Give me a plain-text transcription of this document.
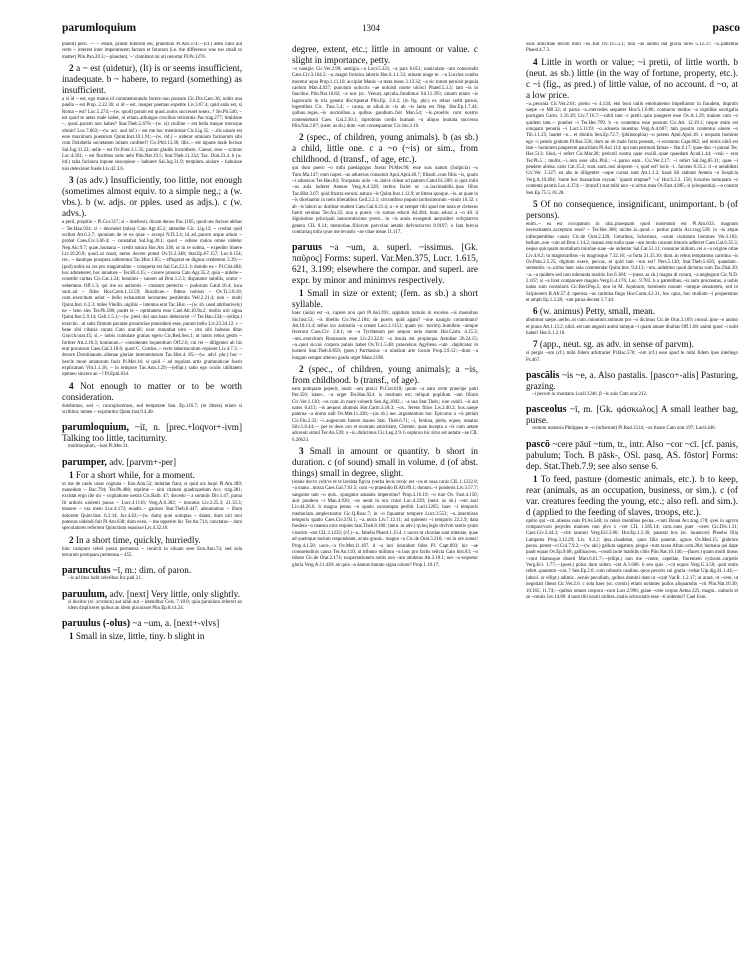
parumloquium	1304	pasco

praeut) peril. — ~ etiam, praeut futurum est, praedicas Pl.Am.374;—(cf.) adeo nihil aut certe ~ interest inter imperatorem factum et futurum (i.e. the difference was too small to matter) Plin.Pan.20.3;—plaudunt, '~' clamitant mi uti renortar Pl.Ps.1276.

2 a ~ est (uidetur), (It) is or seems insufficient, inadequate. b ~ habere, to regard (something) as insufficient.

a si id ~ est, ego matus id commemorando facere non possum Cic.Div.Caec.36; nobis una puella ~ est Prop. 2.22.36; si id ~ est, insuper poemas expetite Liv.3.67.4; quid satis est, si Roma ~ est? Luc.5.274;—(w. quod) parum est quod..nobis successet senex..? Ter.Ph.546; ~ est quod te aetas male habet, ni etiam..adiungas crocibus reticentia Pac.trag.277; timidone ~, quod..pacem non habes? Stat.Theb.5.676;—(w. si) ciuiline ~ est bella meque mecsque obruit? Luc.7.663;—(w. acc. and inf.) ~ est me hoc meminisse Cic.Lig.35; ~..dis uisum est esse maximum poetarum Quint.Inst.10.1.91;—(w. inf.) ~ uidetur omnium facinorum sibi cum Dolabella societatem initam confiteri? Cic.Phil.13.36; illis..~ est inpune male fecisse Sal.Jug.31.22; uelle ~ est Ov.Pont.3.1.35; parum gladiis incumbere, Caesar, esse ~ scimus Luc.4.501; ~ est fluctibus solis uehi Plin.Nat.19.5; Stat.Theb.11.332; Tac. Dial.23.4. b (w. inf.) talia facinora inpune suscepisse ~ habuere Sal.Jug.31.9; templum..uiolare ~ habuisse nisi detexisset foede Liv.42.3.6.

3 (as adv.) Insufficiently, too little, not enough (sometimes almost equiv. to a simple neg.; a (w. vbs.). b (w. adjs. or pples. used as adjs.). c (w. advs.).

a peril, propitio ~ Pl.Cur.317; si ~ intellexti, dicam denuo Pac.1105; quod ues fecisse alebas ~ Ter.Hau.924; si ~ decendet (talea) Cato Agr.45.2; attendite Cic. Lig.13; ~ crediat quid scribat Att.6.3.7; quoniam de re ea quae ~ accepi N.D.3.4; id..ad..pacem atque otium ~ probat Caes.Civ.3.66.4; ~ constabat Sal.Jug.30.1; quod ~ odisse malos omne uidetur Nep.Alc.9.7; quae..humana ~ credit natura Hor.Ars 338; ut in re subita, ~ expedito itinere Liv.10.26.9; quod..ut nouit, nemo docere potest Ov.Tr.2.348; Stat.Ep.67.157; Luc.6.154; res.. ~ dautique prospera uiderentur Tac.Hist.1.85; ~ effugerat ne dignus crederetur 3.39;—(pod) nobis ea res pro magnitudine ~ comperta est Sal.Cat.22.3. b dumdo ea ~ Pl.Cist.484; hoc aduteneret, hoc innatuse ~ Ter.Hl.4.15; ~ cavere pronera Cato Agr.35.2; quia ~ ardebe ~ constitit caritas Cic.Cat.1.24; honnimi ~ sanum ad Brut.1.2.3; disputator subtilis, orator ~ uehemens Off.1.3; qui me ex aerismis ~ creatum pertectis ~ pudorum Catul.16.4; luca sunt..ad ~ fidos Hor.Carm.1.12.59; Boralicae..~ fidens nobisis ~ Ov.Tr.3.8.18; cum..exercitum uelut ~ bello exhaustum lacerantes pestilentia Vell.2.21.4; non ~ multi Quint.Inst. 6.2.3; miles Vitellii..uigiliis ~ intentus erat Tac.Hist. —(w. sb. used attributively) ne ~ leno sies Ter.Ph.508; pudet te ~ optimatem esse Cael.Att.10.9a.2; mollis uiri signa Quint.Inst.5.9.14; Gell.1.5.1;—(w. pred. do) una haec dedecorist ~? Ter.Hau.334;—(ellipt.) exercitu ..ut satis firmum pacatae prouinciae praesidem esse, parum bello Liv.23.34.12. c ~ bene sibi cibaria curata Cato orat.66; uxor renuntiat uiro ~ cito sibi balneas ditas Gracch.orat.45; si..~ uobis cumulate gratias egero Cic.Red.Sen.1; ut tantis rebus gestis ~ fortiter Att.2.18.3; hominum..~ considerate loquentium Off.2.6; cui rei ~ diligenter ab his erat prouisum Caes.Gal.3.18.6; quod C. Curtius..~ recte tabernaculum cepisset Liv.4.7.3; ~ decore Domitianum..alienae gloriae interuenturum Tac.Hist.4. 85;—(w. advl. phr.) hoc ~ hercle more amatorum facis Pl.Mer.16; si quid ~ ad regulam artis grammaticae fuerit explicatum Vitr.1.1.18; ~ in tempore Tac.Ann.1.29;—(ellipt.) satin ego oculis utilitatem optineo sincere an ~? Pl.Epid.634.

4 Not enough to matter or to be worth consideration.

dolebimus, sed ~; concupiscemus, sed temperate Sen. Ep.116.7; (m littera) etiam si scribitur, tamen ~ exprimitur Quint.Inst.9.4.40.

parumloquium, ~iī, n. [prec.+loqvor+-ivm] Talking too little, taciturnity.

multiloquium, ~ium Pl.Mer.31.

parumper, adv. [parvm+-per]

1 For a short while, for a moment.

ut me de caelo uisas cognata ~ Enn.Ann.53; indutiae fiant, si quid uis loqui Pl.Am.389; manedum ~ Bac.794; Ter.Ph.486; reprime ~ uim citatum quadrupedum Acc. trag.381; exsistat ergo ille uir ~ cogitatione uestra Cic.Balb. 47; discedo ~ a somniis Div.1.47; parua fit ardoris uiolenti pausa ~ Lucr.4.1116; Verg.A.6.382; ~ moratus Liv.2.25.3; 21.33.3; tenuere ~ ora metu Luc.4.172; euadit..~ gauisos Stat.Theb.6.447; adsumamus ~ illum dolorem Quint.Inst. 6.2.34; Juv.4.62;—(w. dum) quoi uoluptas ~ datast, dum uiri moi potestas uidendi fuit Pl.Am.638; dum exeo, ~ me opperire hic Ter.An.714; cunctatus ~ dum speculatores referrent Quinctium euasisse Liv.4.32.10.

2 In a short time, quickly, hurriedly.

hinc campum celeri passu permensa ~ coniicit in siluam sese Enn.Ann.74; sed sola terrarum postquam permensa ~ 455.

parunculus ~ī, m.: dim. of paron.

~is ad litus ludit celeribus Inc.pall.21.

paruulum, adv. [next] Very little, only slightly.

si ducitur (sc. scrotum) aut nihil aut ~ intenditur Cels. 7.18.8; quia paruulum referret an idem displiceret quibus an idem placuisset Plin.Ep.8.14.24.

paruulus (-olus) ~a ~um, a. [next+-vlvs]

1 Small in size, little, tiny. b slight in

degree, extent, etc.; little in amount or value. c slight in importance, petty.

~o nauigio Cic.Ver.2.99; uestigia..~a Lucr.5.321; ~a pars 6.651; nauiculam ~am conscendit Caes.Civ.3.104.3; ~a..magni formica laboris Hor.S.1.1.33; utinam mage te.. ~a Lucrina cumba moretur aqua Prop.1.11.10; accipiat Manis ~a testa meos 2.13.32; ~a sic totum peruisit pupula caelum Man.4.927; punctum uolucris ~ae uoluisti morte ulcisci Phaed.5.3.3; tam ~is in faucibus Plin.Nat.10.82; ~a nos (sc. Venus)..spicula..fundimus Sil.11.393; uinum etiam ~is laguncalis in tria genera discripserat Plin.Ep. 2.6.2; (in fig. phr.) ex rebus cedit paruis, ingentibus Cic. Tusc.5.4; ~ causa, ut aliud..in ~is ab ~is laeta est Nep. Hor.Ep.1.7.44; quibus..reges..~is auctoribus..a quibus gaudium..fuit Man.54; ~is..proeliis cum nostris contendebant Caes. Gal.2.30.1; inprobitas cordis humani ~o aliquo inuitata successu Plin.Nat.2.87; (neut. as sb.) dum ~um consequamur Cic.Inv.2.10.

2 (spec., of children, young animals). b (as sb.) a child, little one. c a ~o (~is) or sim., from childhood. d (transf., of age, etc.).

qui dum puero ~o mihi paedagogus fuerat Pl.Mer.90; esse suis natum (Sulpicia) ~o Turn.Ma.147; eum nuper..~as aduersus consuluit Apul.Apol.46.7; filiaoli..cum filiis ~is, quum ~i aduersus Ter.Hau.84; Torquatus uolo ~is..dolce rideat ad patrem Catul.61.209; si quis mihi ~us aula luderet Aeneas Verg.A.4.328; tertius faciet ut ~a..lacrimabilis..ipsa filius Tac.Hist.3.67; quid frustra eorum..natura ~is Quint.Inst.1.12.9; ut littera quoque..~is..ut quae in ~is dicebantur in meis liberalibus Gell.2.2.1; circumfuso populo lactissimorum ~orum 10.32. c ab ~is labori ac duritiae student Caes.Gal.6.21.4; a ~o ut semper tibi apud me iusta et clemens fuerit seruitus Ter.An.35; una a pueris ~is sumus educti Ad.494; hunc..eduxi a ~o 48. d dignissimo principali innocentissimo pvero.. in ~is annis exsegenti aeqvaliter volvptatvm genera CIL 8.14; memoriae..filiorvm parvvlan aetatis defvnctorvm 8.9107; o fata brevia contrariaq mihi qvae me levastis ~ae vitae meae 11.117.

paruus ~a ~um, a. superl. ~issimus. [Gk. παῦρος] Forms: superl. Var.Men.375, Lucr. 1.615, 621, 3.199; elsewhere the compar. and superl. are expr. by minor and minimvs respectively.

1 Small in size or extent; (fem. as sb.) a short syllable.

haec (aula) est ~a, capere non quit Pl.Aul.391; oppidum tumulo in excelso..~is moenibus Sis.hist.53; ~is libellis Cic.Ver.2.184; de pueris quid agam? ~one nauigio committam? Att.10.11.4; tellus uix animalia ~a creant Lucr.2.1151; quam (sc. turrim)..humilem ~amque fecerunt Caes.Civ. 2.8.1; ne ~a Tyrrhenum per aequor uela darem Hor.Carm. 4.15.3; ~um..exercitum Romanum esse Liv.23.32.8; ~a insula est propinqua Aetoliae 26.24.15; ~a..quot siccus corpora puluis habet Ov.Tr.1.5.48; praecelsus Agylleus..~um ..duplicatur in hostem Stat.Theb.6.859; (poet.) Parrhasius ~a uindicat arte locum Prop.3.9.12;—dum ~a longam semper alterno gradu urget Maur.2198.

2 (spec., of children, young animals); a ~is, from childhood. b (transf., of age).

eam potiquam peperit, iussit ~am proici Pl.Cist.618; quom ~a natu recte praecipe patri Per.350; istaec.. ~a urget Ter.Hau.924; is morbum est; reliquit pupillum ~um filium Cic.Ver.1.130; ~os cum..in mare voluerit Sen.Ag.1002..; ~a sua Stat.Theb.; iure cubili. ~is aut natos 8.413; ~is aequus alumnis Hor.Carm.3.18.3; ~os.. ferens filios Liv.2.40.2; hos..saepe paterna ~a domo uidi Ov.Met.11.438;—(as sb.) nec..argumentum hoc Epicurus a ~is petiuit Cic.Fin.2.32; ~i..augescunt funere manes Stat. Theb.6.71; ~i, femina, plebs, eques, senatus Silv.1.6.44;— per te deos oro et nostram amicitiam, Chreme, quae incepta a ~is cum aetate adcreuit simul Ter.An.539; a ~is..didicimus Cic.Leg.2.9. b sophron hic sitvs est aetatis ~ae CIL 6.26623.

3 Small in amount or quantity. b short in duration. c (of sound) small in volume. d (of abst. things) small in degree, slight.

(omne decvs volt/vs et te lavdata figvra (verba levis nvn)c est ~os et ossa canis CIL 1.1222.8; ~a manu ..missa Caes.Gal.7.61.5; cum ~o praesidio B.Afr.89.1; donum..~i ponderis Liv.3.57.7; sanguine tam ~o quis.. spargatur amantis imperobus? Prop.3.16.19; ~o ture Ov. Fast.4.150; auri pondera ~i Man.4.926; ~os uenit in ora cruor Luc.4.239; (neut. as sb.) ~om auri Liv.44.26.6. b magna penus ~o spatio consumpta peribit Lucil.1205; haec ~i temporis memoriam..amplectuntur Cic.Q.Rosc.7; in ~o liquantur tempore Lucr.3.553; ~o..intermisso temporis spatio Caes.Civ.3.93.1; ~a..mora Liv.7.12.11; ad quietem ~i temporis 22.2.9; data foedera ~o maesta uiris requies Stat.Theb.8.160; (neut. as adv.) qvinq legis titvlvm sentis qvam vixerim ~om CIL 2.1235; (cf.) ~a.. fabella Phaed.1.15.4. c uoces ut chordae sunt intentae, quae ad quemque tactum respondeant, acuta grauis.. magna ~a Cic.de Orat.3.216; ~us in ore sonus! Prop.4.1.58; uoce..~a Ov.Met.11.187. d ~a iuri iurandost fides Pl. Capt.893; hic ~ae consuetudinis causa Ter.An.110; at tribuno militum ~a laus pro factis relicta Cato hist.83; ~o labore Cic.de Orat.2.174; exspectationem nobis non ~am attuleras Att.3.18.1; nec ~a sequetur gloria Verg.A.11.430; an quia ~a damus mutato signa colore? Prop.1.18.17;

usus amicitiae tecum mihi ~us..fuit Ov.Tr.5.5.1; non ~as animo dat gloria uires 5.12.37; ~a..patientia Phaed.4.7.3.

4 Little in worth or value; ~i pretii, of little worth. b (neut. as sb.) little (in the way of fortune, property, etc.). c ~i (fig., as pred.) of little value, of no account. d ~o, at a low price.

~a..pecunia Cic.Ver.2.61; pretio ~o 4.134; etsi boni nullo emolumento impelluntur in fraudem, improbi saepe ~o Mil.32; si parua ~a..mercedes sequerer Hor.S.1.6.86; contracto melius ~a cupidine uectigalia porrigam Carm. 3.16.39; Liv.7.16.7;—nihil tam ~i pretii..quin pungeret esse Ov.A.1.29; maiore cum ~o quidem tam..~ praebet ~i Ter.Hec.799. b ~o contentus esse possum Cic.Att. 12.19.1; neque enim est umquam penuria ~i Lucr.5.1119; ~o..adsueta iuuentus Verg.A.4.607; tam possim contentus uiuere ~o Tib.1.1.25; laudet ~o... et diuitiis Sen.Ep.72.7; (philosophia) ~o potens Apul.Apol.18. c nequam hominis ego ~i pendo gratiam Pl.Bac.558; dum ne ob male facta peream, ~i existumo Capt.682; sed nimis nihil est tam ~ hominem pauperem pauciliam Pl.Aul.114; qui tum permuni famae ~ Nat.6.17; quae duo ~i putaui Ter. Hec.513; illud..~i refert Cic.Mur.28; periculi nostra quae exsilii..quae quaedam Acad.1.44; ~onii ~ erat Ter.Ph.5..; multis..~i..rem esse sibi..Phil.; ~i..paruo eam.. Cic.Ver.2.17; ~i refert Sal.Jug.85.31; quae ~i pendere aliena. caris Cat.15.2; sunt..sunt..nisi aliquem ~i, quid est? lucis ~i.. faciens 8.35.2. d ~o uendidisti Cic.Ver. 3.127; ea abs te diligenter ~oque curata sunt Att.1.3.2; haud illi stabunt Aeneia ~o hospicia Verg.A.10.494; 'sume hoc tisanarium oryzae.' 'quanti emptae?' '~o' Hor.S.2.3. 156; luxuries numquam ~o contenta paratis Luc.4.374;— (transf.) stat mihi non ~o uirtus mea Ov.Fast.4.885; si (eloquentia)..~o constat Sen.Ep.75.5; 81.28.

5 Of no consequence, insignificant, unimportant. b (of persons).

enim..~ ea est occupatum in uita..praequam quod molestum est Pl.Am.633; magnum necessitatem..acceptum esse? ~ Ter.Hec.306; nicibe..is..quod..~ potius patria Acc.trag.520; in ~is atque infrequentibus causis Cic.de Orat.2.320; Ceturinos, Scherinos, ~arum ciuitatum homines Ver.3.103; bellum..non ~um ad Brut.1.14.2; manus erat nulla quae ~am modo causam timoris adferret Caes.Gal.6.35.3; neque quicquam mortalium iniuriae suae ~ae uidentur Sal.Cat.51.11; censurae initium..rei a ~a origine ortae Liv.4.8.2; in magistratibus ~is magnisque 7.32.16; ~a furta 21.35.10; dum..in rebus temptamus carmina ~is Ov.Pont.2.5.25; digitum exere, peccas, et quid tam ~um est? Pers.5.120; Stat.Theb.5.656; quaedam.. sententiis ~a..uirtus haec sola commendat Quint.Inst. 9.4.13; ~um..uidebitur quod dicturus sum Tac.Dial.30; ~a..~a quidem sed non toleranda maritis Juv.6.184; —(neut. as sb.) magna di curant, ~a neglegunt Cic.N.D. 2.167; si ~a licet componere magnis Verg.G.4.176; Luc. 9.783. b a parentibus..~is sum procreatus, a uobis natus sum consularis Cic.Red.Pop.5; non in M. Aquinum, hominem nouum ~umque senatorem, sed in Scipionem B.Afr.57.4; operosa ~us carmina fingo Hor.Carm.4.2.31; hoc opus, hoc studium ~i properemus et ampli Ep.1.3.28; ~um parua decent 1.7.44.

6 (w. animus) Petty, small, mean.

abutimur saepe..uerbo..ut cum..minutum animum pro ~o dicimus Cic.de Orat.3.169; consul..ipse ~o animo et prauo Att.1.13.2; nihil..est tam angusti animi tamque ~i quam amare diuitias Off.1.68; animi quod ~i nolit haberi Hor.S.1.2.10.

7 (app., neut. sg. as adv. in sense of parvm).

si pergis ~om (cf.) mihi fidem arbitrarier Pl.Bac.570; ~om (cf.) esse apud te mihi fidem ipse intellego Ps.467.

pascālis ~is ~e, a. Also pastalis. [pasco+-alis] Pasturing, grazing.

~i pecore ac montano Lucil.1246. β ~is ouis Cato orat.212.

pasceolus ~ī, m. [Gk. φάσκωλος] A small leather bag, purse.

centum numaria Philippea in ~o (infuerunt) Pl.Rud.1314; ~os furare Cato orat.197; Lucil.446.

pascō ~cere pāuī ~tum, tr., intr. Also ~cor ~cī. [cf. panis, pabulum; Toch. B pāsk-, OSl. pasq, AS. fōstor] Forms: dep. Stat.Theb.7.9; see also sense 6.

1 To feed, pasture (domestic animals, etc.). b to keep, rear (animals, as an occupation, business, or sim.). c (of var. creatures feeding the young, etc.; also refl. and sim.). d (applied to the feeding of slaves, troops, etc.).

opilio qui ~cit..alienas ouis Pl.As.540; in celsis montibus pecua..~cunt Donai Acc.trag.178; qvei in agrvm compascvom peqvdes maiores non plvs x ~cet CIL 1.585.14; cum..sues puer ~ceret Cic.Div.1.31; Caes.Civ.3.44.3; ~cite taurum Verg.Ecl.3.86; Hor.Ep.1.3.36; pauerat hos (sc. iuuencos) Phoebo filia Lampetia Prop.3.12.29; Liv. 9.2.2; ipsa..claudebat, quos filia pauerat, agnos Ov.Med.15; glabrum pecus..potest ~ci Col.7.9.2;—(w. abl.) gallum sagatum, pingui ~tum taxea Afran.com.284; humana qui dape pauit equas Ov.Ep.9.68; gallinaceos..~cendi lacte madidis cibis Plin.Nat.10.140;—(facet.) quam multi tineas ~cunt blattasque diserti Mart.6.61.7;—(ellipt.) non me ~cente, capellae, florentem cytisum..carpetis Verg.Ecl. 1.77;—(poet.) polus dum sidera ~cet A.1.608. b seu quis ..~cit equos Verg.G.3.50; quid enim refert..quantum ~cat..? Sen.Ep.2.6; cum robustis canibus..quos pecoris sui gratia ~cebat Ulp.dig.41.1.44;—(absol. or ellipt.) adimis ..seruis peculium, quibus domini dant ut ~cant Var.R. 1.2.17; ut arare, ut ~cere, ut negotiari libeat Cic.Ver.2.6. c sola haec (sc. cornix) etiam uolantes pullos aliquamdiu ~cit Plin.Nat.10.30; 10.165; 11.74;—quibus omnes corpora ~cunt Lucr.2.996; graue ~cere corpus Aetna 225; magni.. uulturis et se ~centis Juv.14.80. d num tibi nostri milites..malis orbiculatis esse ~ti uidentur? Cael.Fam.
